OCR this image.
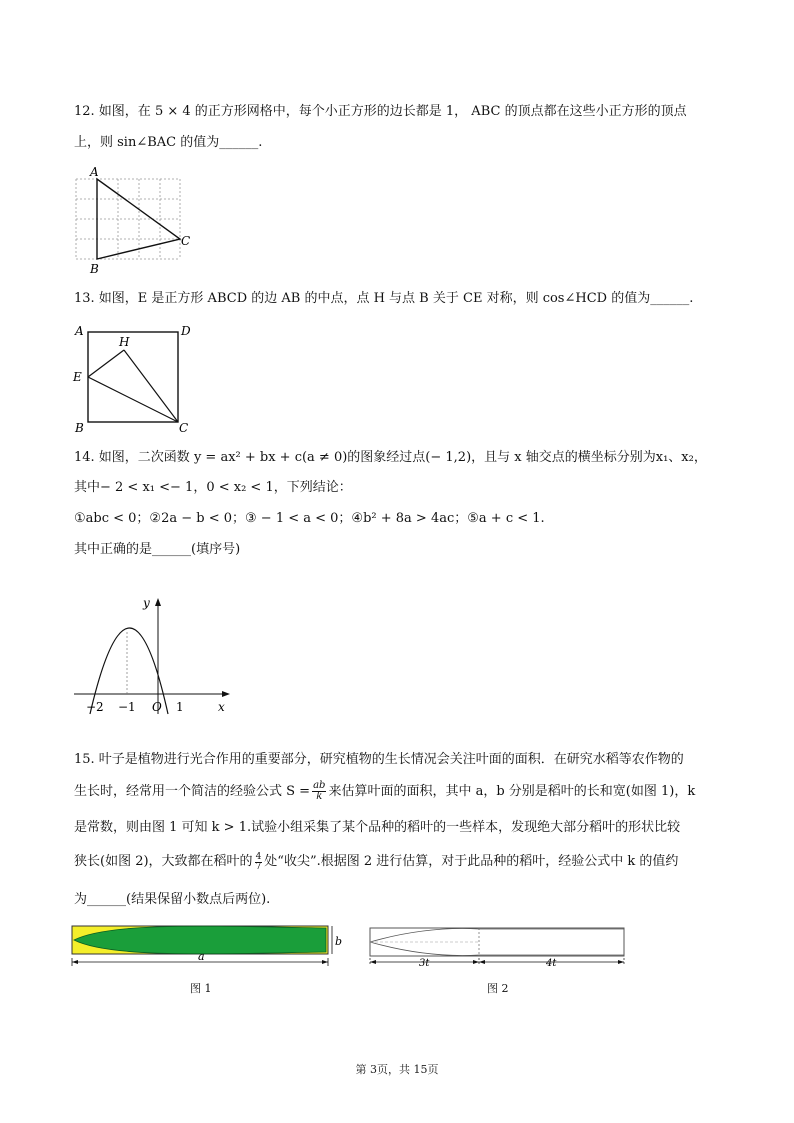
12. 如图，在 5 × 4 的正方形网格中，每个小正方形的边长都是 1， ABC 的顶点都在这些小正方形的顶点
上，则 sin∠BAC 的值为______.
A
B
C
13. 如图，E 是正方形 ABCD 的边 AB 的中点，点 H 与点 B 关于 CE 对称，则 cos∠HCD 的值为______.
A	D
H
E
B	C
14. 如图，二次函数 y = ax² + bx + c(a ≠ 0)的图象经过点(− 1,2)，且与 x 轴交点的横坐标分别为x₁、x₂，
其中− 2 < x₁ <− 1，0 < x₂ < 1，下列结论：
①abc < 0；②2a − b < 0；③ − 1 < a < 0；④b² + 8a > 4ac；⑤a + c < 1.
其中正确的是______(填序号)
y
x
−2 −1 O 1
15. 叶子是植物进行光合作用的重要部分，研究植物的生长情况会关注叶面的面积．在研究水稻等农作物的
生长时，经常用一个简洁的经验公式 $S = \frac{ab}{k}$ 来估算叶面的面积，其中 a，b 分别是稻叶的长和宽(如图 1)，k
是常数，则由图 1 可知 k > 1.试验小组采集了某个品种的稻叶的一些样本，发现绝大部分稻叶的形状比较
狭长(如图 2)，大致都在稻叶的 $\frac{4}{7}$ 处“收尖”.根据图 2 进行估算，对于此品种的稻叶，经验公式中 k 的值约
为______(结果保留小数点后两位).
b
a
图 1
3t	4t
图 2
第 3页，共 15页
